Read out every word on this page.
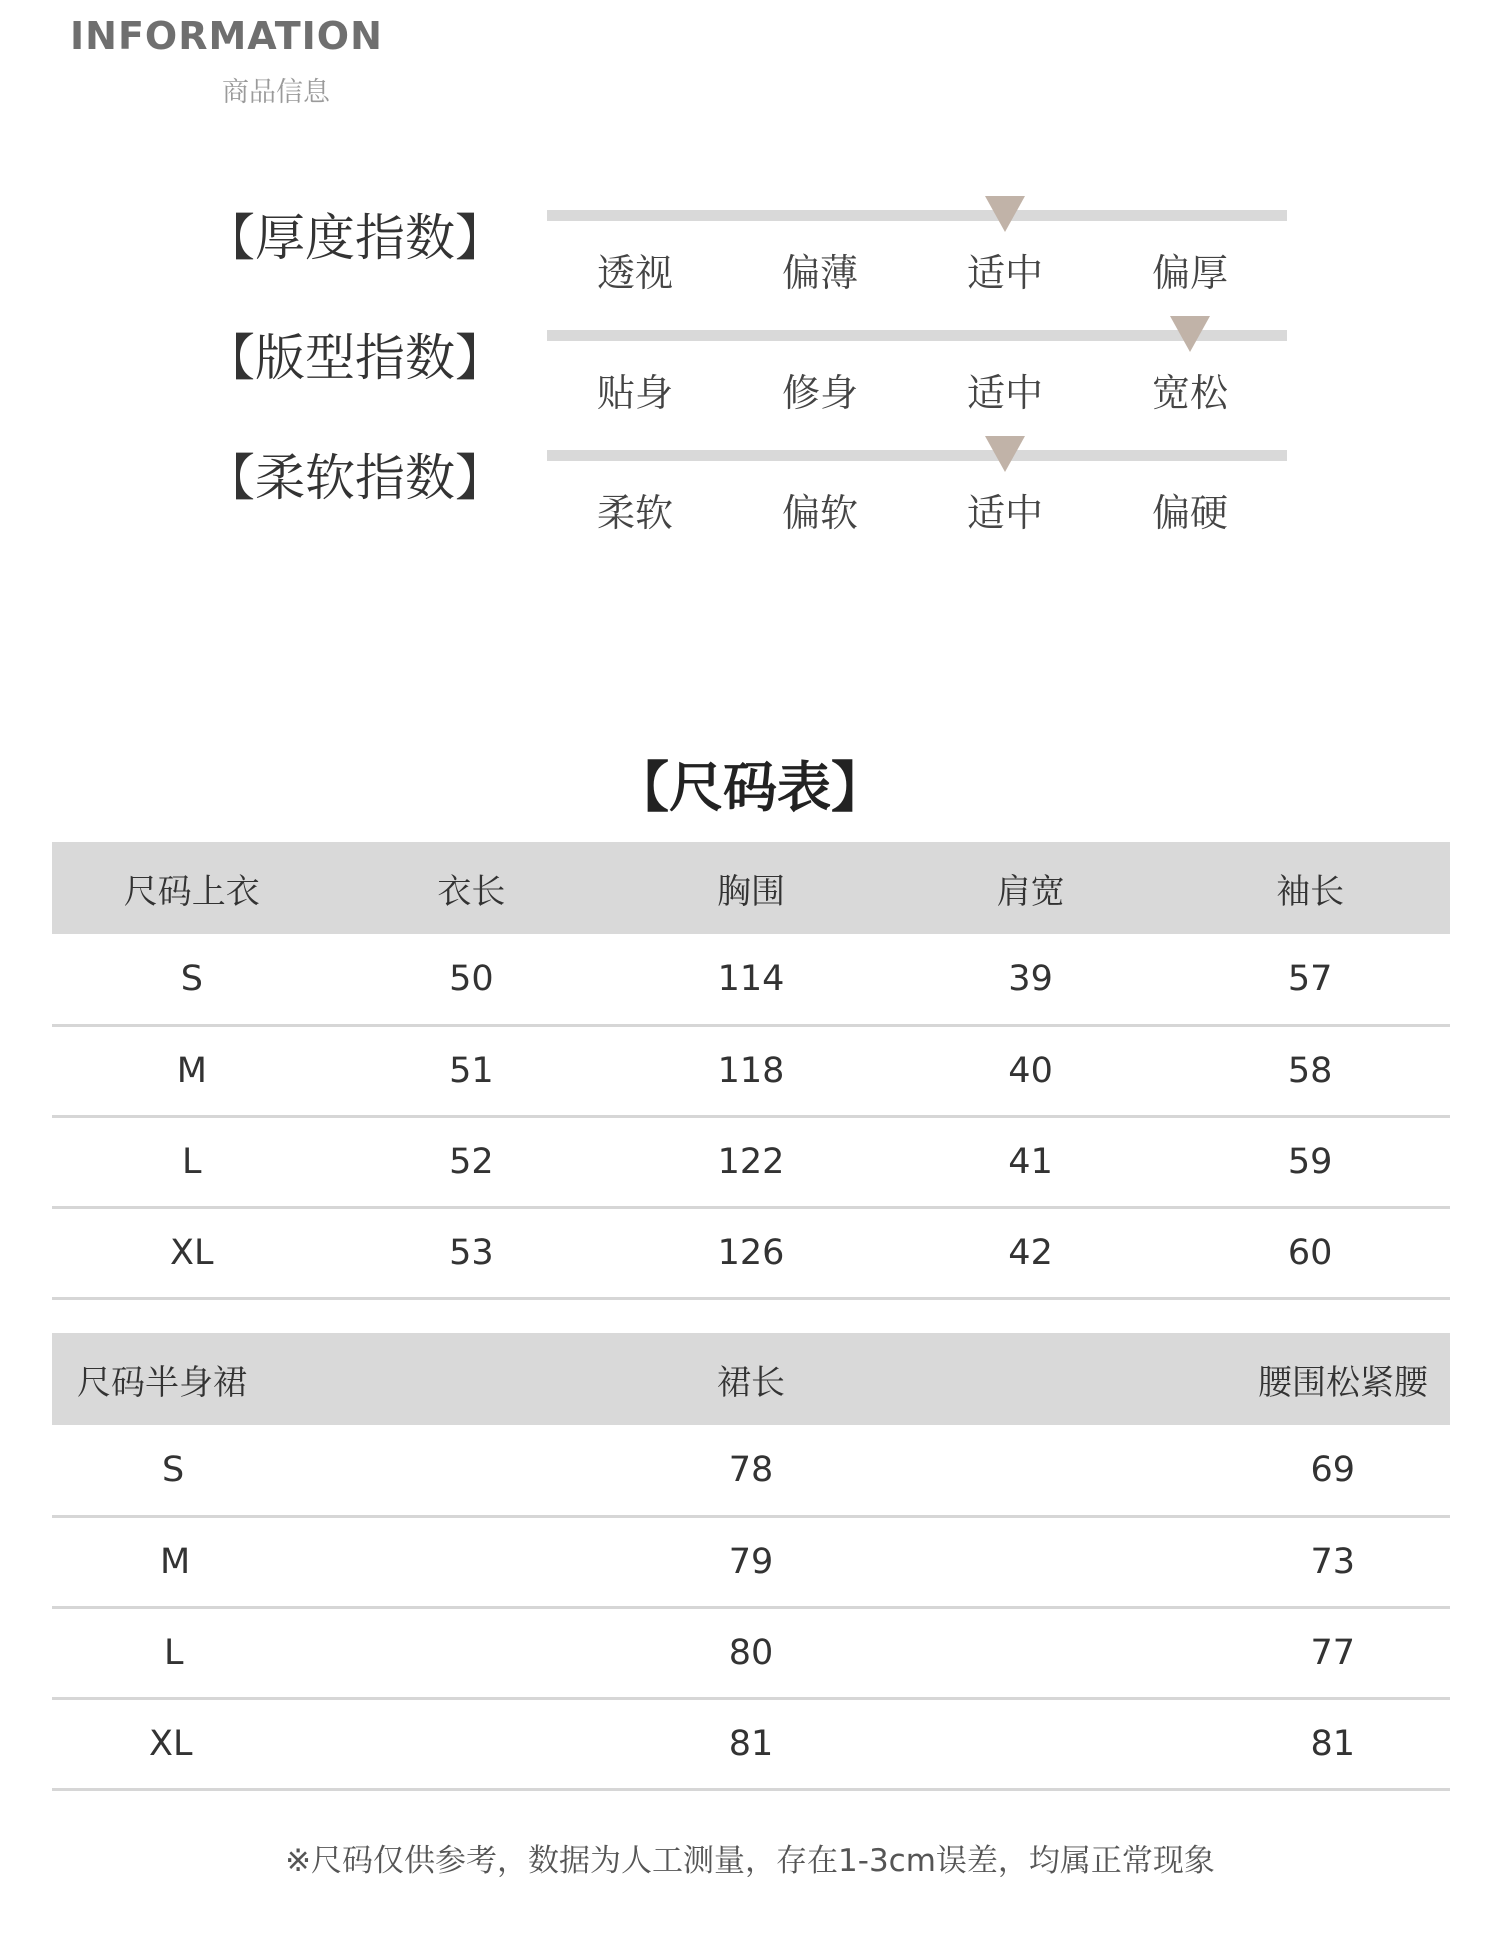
INFORMATION
商品信息
【厚度指数】
透视	偏薄	适中	偏厚
【版型指数】
贴身	修身	适中	宽松
【柔软指数】
柔软	偏软	适中	偏硬
【尺码表】
尺码上衣	衣长	胸围	肩宽	袖长
S	50	114	39	57
M	51	118	40	58
L	52	122	41	59
XL	53	126	42	60
尺码半身裙	裙长	腰围松紧腰
S	78	69
M	79	73
L	80	77
XL	81	81
※尺码仅供参考，数据为人工测量，存在1-3cm误差，均属正常现象
